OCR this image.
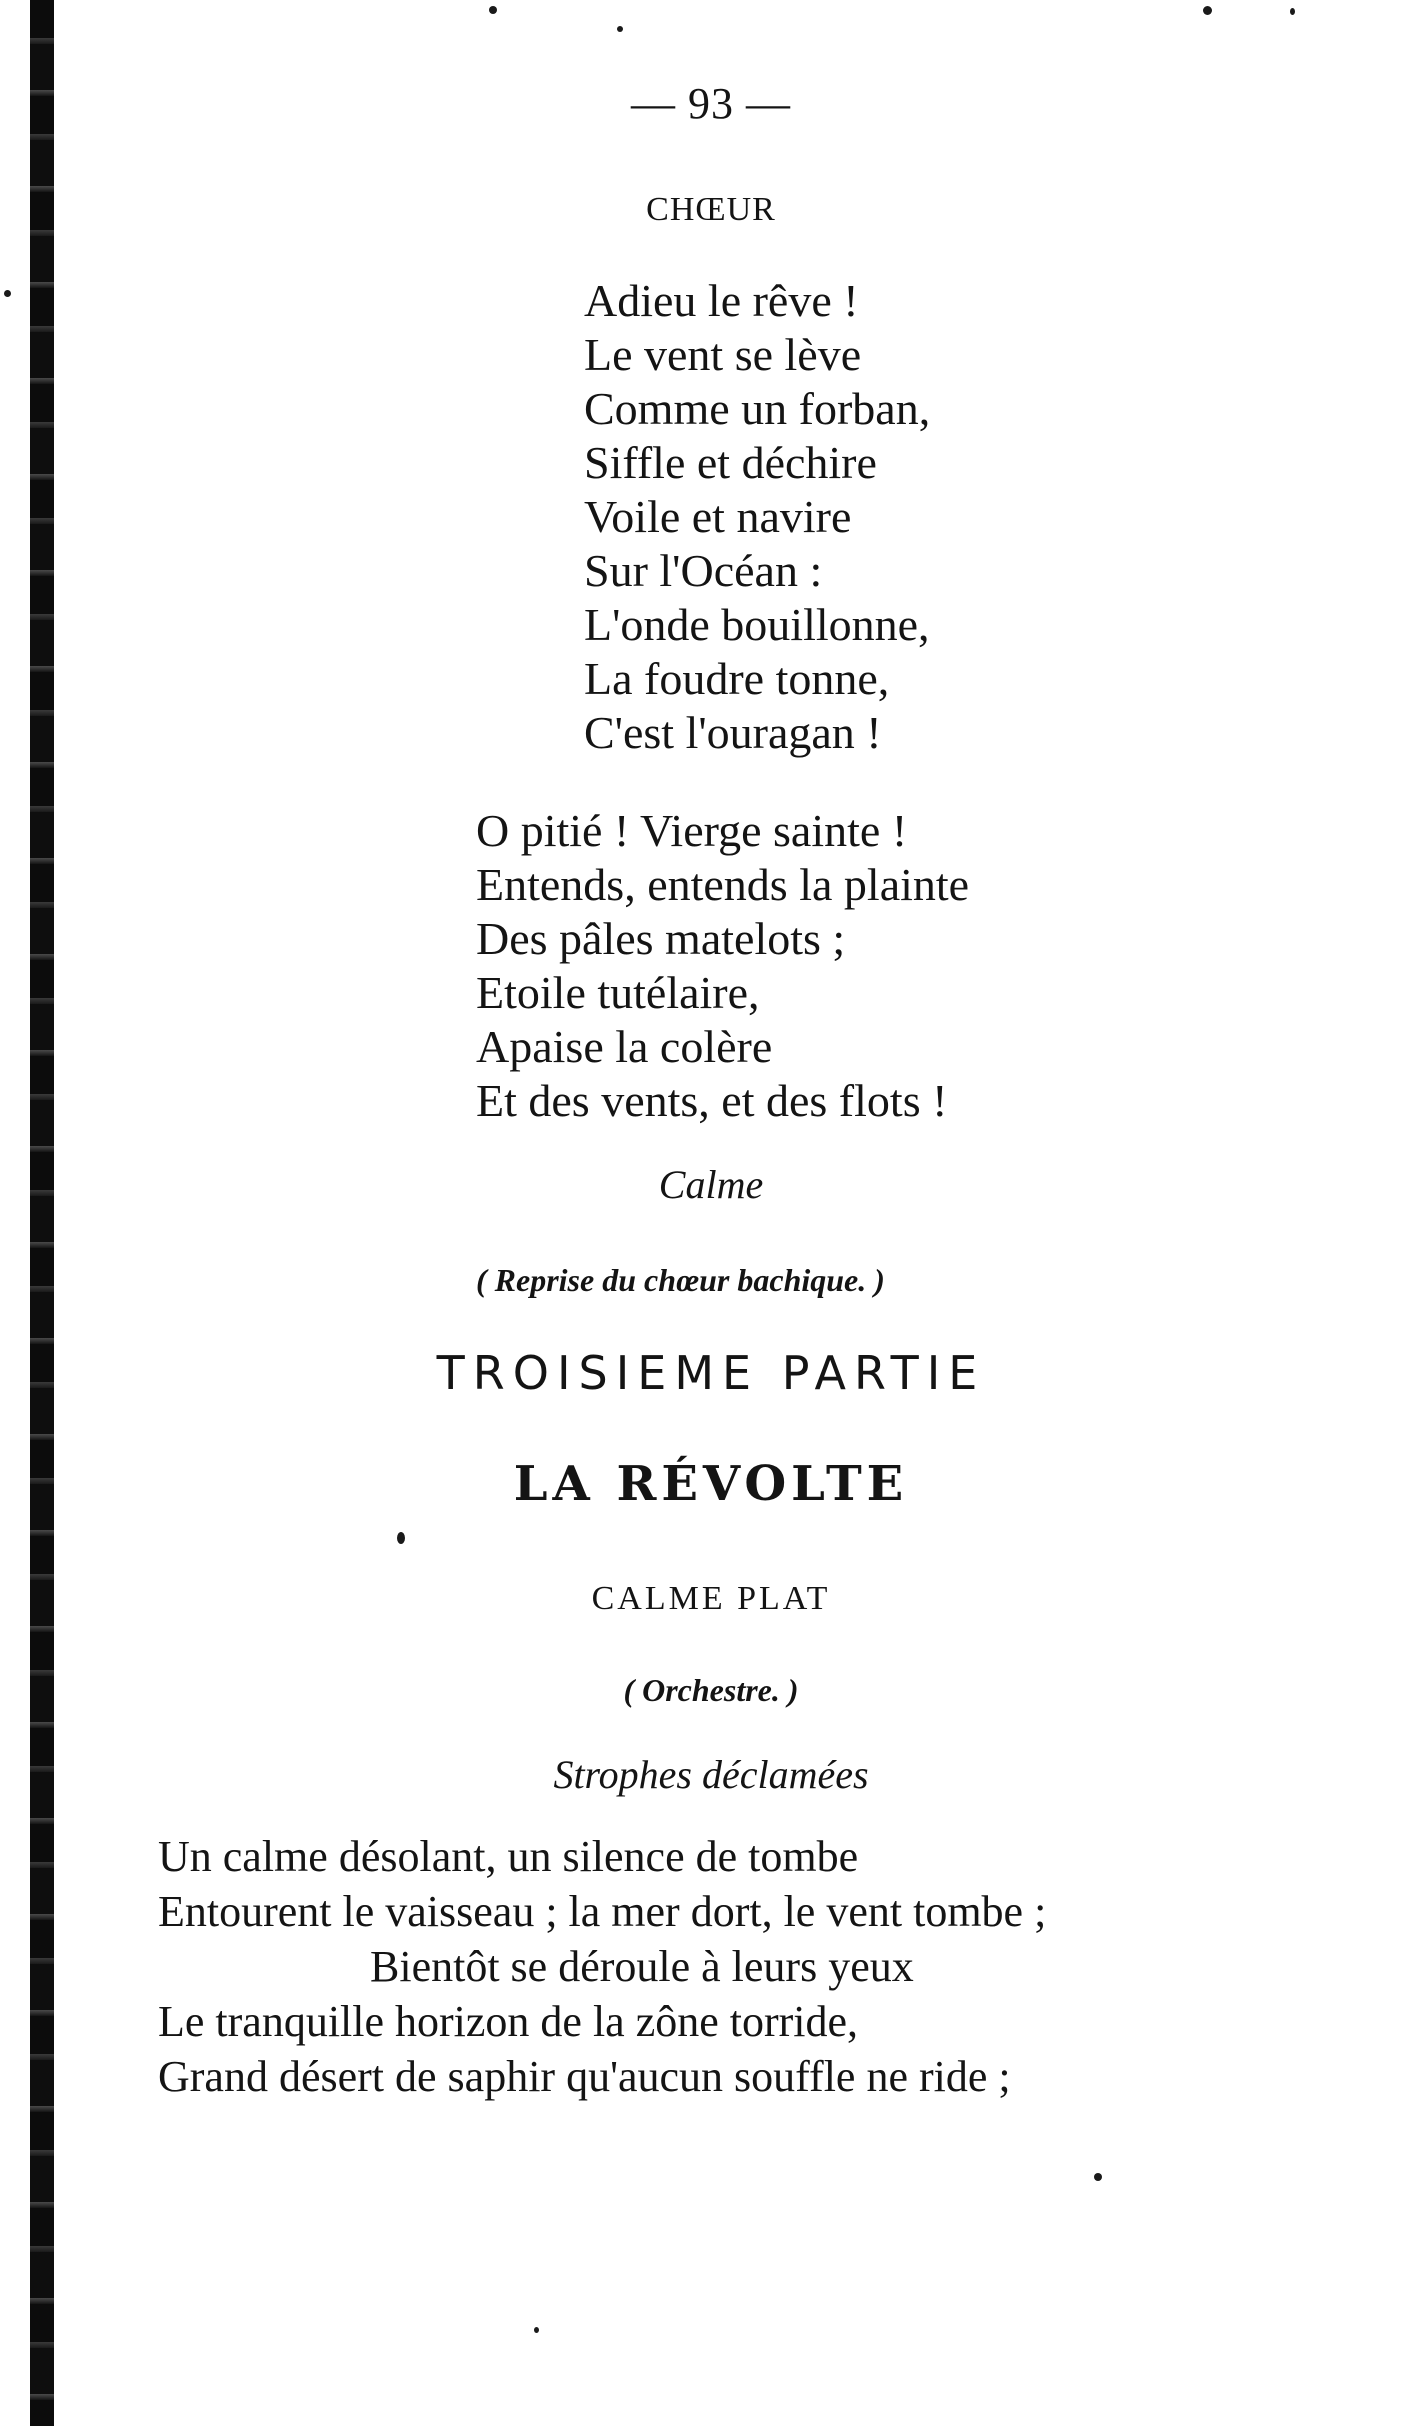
— 93 —
CHŒUR
Adieu le rêve !
Le vent se lève
Comme un forban,
Siffle et déchire
Voile et navire
Sur l'Océan :
L'onde bouillonne,
La foudre tonne,
C'est l'ouragan !
O pitié ! Vierge sainte !
Entends, entends la plainte
Des pâles matelots ;
Etoile tutélaire,
Apaise la colère
Et des vents, et des flots !
Calme
( Reprise du chœur bachique. )
TROISIEME PARTIE
LA RÉVOLTE
CALME PLAT
( Orchestre. )
Strophes déclamées
Un calme désolant, un silence de tombe
Entourent le vaisseau ; la mer dort, le vent tombe ;
Bientôt se déroule à leurs yeux
Le tranquille horizon de la zône torride,
Grand désert de saphir qu'aucun souffle ne ride ;
